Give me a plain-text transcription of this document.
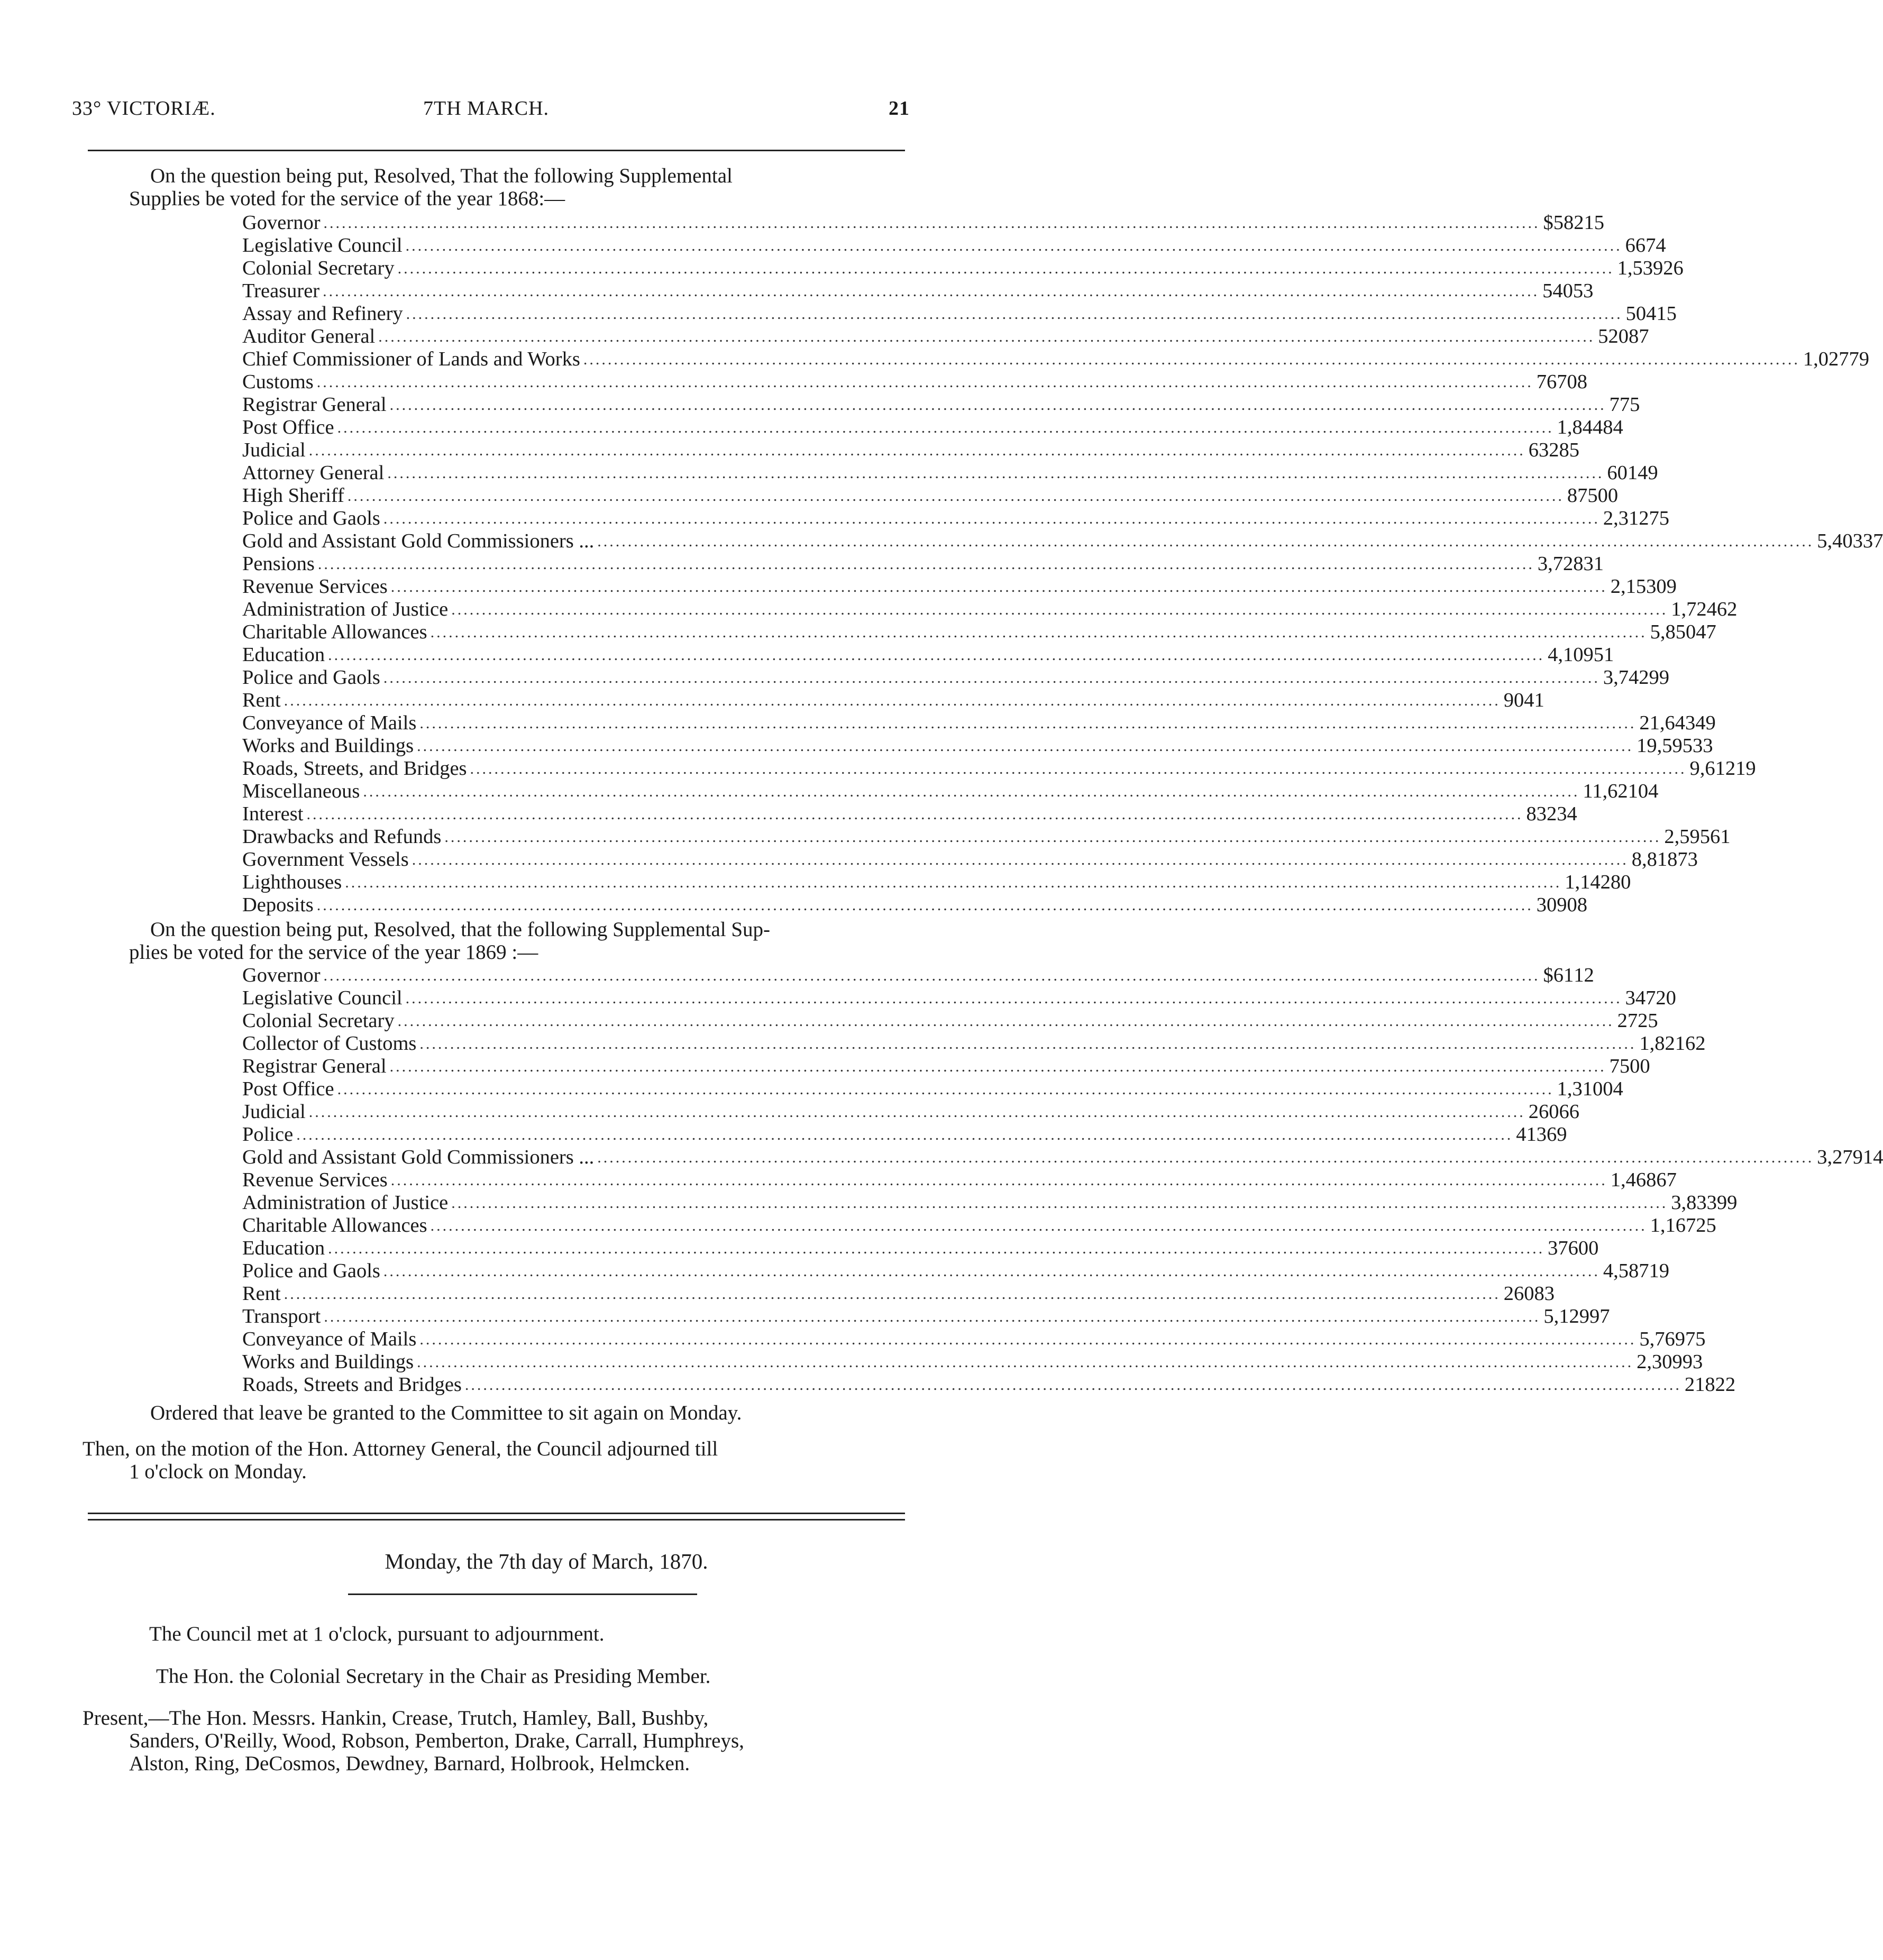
33° VICTORIÆ.	7TH MARCH.	21
On the question being put, Resolved, That the following Supplemental
Supplies be voted for the service of the year 1868:—
Governor ........................................................................................................................................................................................................ $ 582 15
Legislative Council ........................................................................................................................................................................................................ 66 74
Colonial Secretary ........................................................................................................................................................................................................ 1,539 26
Treasurer ........................................................................................................................................................................................................ 540 53
Assay and Refinery ........................................................................................................................................................................................................ 504 15
Auditor General ........................................................................................................................................................................................................ 520 87
Chief Commissioner of Lands and Works ........................................................................................................................................................................................................ 1,027 79
Customs ........................................................................................................................................................................................................ 767 08
Registrar General ........................................................................................................................................................................................................ 7 75
Post Office ........................................................................................................................................................................................................ 1,844 84
Judicial ........................................................................................................................................................................................................ 632 85
Attorney General ........................................................................................................................................................................................................ 601 49
High Sheriff ........................................................................................................................................................................................................ 875 00
Police and Gaols ........................................................................................................................................................................................................ 2,312 75
Gold and Assistant Gold Commissioners ... ........................................................................................................................................................................................................ 5,403 37
Pensions ........................................................................................................................................................................................................ 3,728 31
Revenue Services ........................................................................................................................................................................................................ 2,153 09
Administration of Justice ........................................................................................................................................................................................................ 1,724 62
Charitable Allowances ........................................................................................................................................................................................................ 5,850 47
Education ........................................................................................................................................................................................................ 4,109 51
Police and Gaols ........................................................................................................................................................................................................ 3,742 99
Rent ........................................................................................................................................................................................................ 90 41
Conveyance of Mails ........................................................................................................................................................................................................ 21,643 49
Works and Buildings ........................................................................................................................................................................................................ 19,595 33
Roads, Streets, and Bridges ........................................................................................................................................................................................................ 9,612 19
Miscellaneous ........................................................................................................................................................................................................ 11,621 04
Interest ........................................................................................................................................................................................................ 832 34
Drawbacks and Refunds ........................................................................................................................................................................................................ 2,595 61
Government Vessels ........................................................................................................................................................................................................ 8,818 73
Lighthouses ........................................................................................................................................................................................................ 1,142 80
Deposits ........................................................................................................................................................................................................ 309 08
On the question being put, Resolved, that the following Supplemental Sup-
plies be voted for the service of the year 1869 :—
Governor ........................................................................................................................................................................................................ $ 61 12
Legislative Council ........................................................................................................................................................................................................ 347 20
Colonial Secretary ........................................................................................................................................................................................................ 27 25
Collector of Customs ........................................................................................................................................................................................................ 1,821 62
Registrar General ........................................................................................................................................................................................................ 75 00
Post Office ........................................................................................................................................................................................................ 1,310 04
Judicial ........................................................................................................................................................................................................ 260 66
Police ........................................................................................................................................................................................................ 413 69
Gold and Assistant Gold Commissioners ... ........................................................................................................................................................................................................ 3,279 14
Revenue Services ........................................................................................................................................................................................................ 1,468 67
Administration of Justice ........................................................................................................................................................................................................ 3,833 99
Charitable Allowances ........................................................................................................................................................................................................ 1,167 25
Education ........................................................................................................................................................................................................ 376 00
Police and Gaols ........................................................................................................................................................................................................ 4,587 19
Rent ........................................................................................................................................................................................................ 260 83
Transport ........................................................................................................................................................................................................ 5,129 97
Conveyance of Mails ........................................................................................................................................................................................................ 5,769 75
Works and Buildings ........................................................................................................................................................................................................ 2,309 93
Roads, Streets and Bridges ........................................................................................................................................................................................................ 218 22
Ordered that leave be granted to the Committee to sit again on Monday.
Then, on the motion of the Hon. Attorney General, the Council adjourned till
1 o'clock on Monday.
Monday, the 7th day of March, 1870.
The Council met at 1 o'clock, pursuant to adjournment.
The Hon. the Colonial Secretary in the Chair as Presiding Member.
Present,—The Hon. Messrs. Hankin, Crease, Trutch, Hamley, Ball, Bushby,
Sanders, O'Reilly, Wood, Robson, Pemberton, Drake, Carrall, Humphreys,
Alston, Ring, DeCosmos, Dewdney, Barnard, Holbrook, Helmcken.
